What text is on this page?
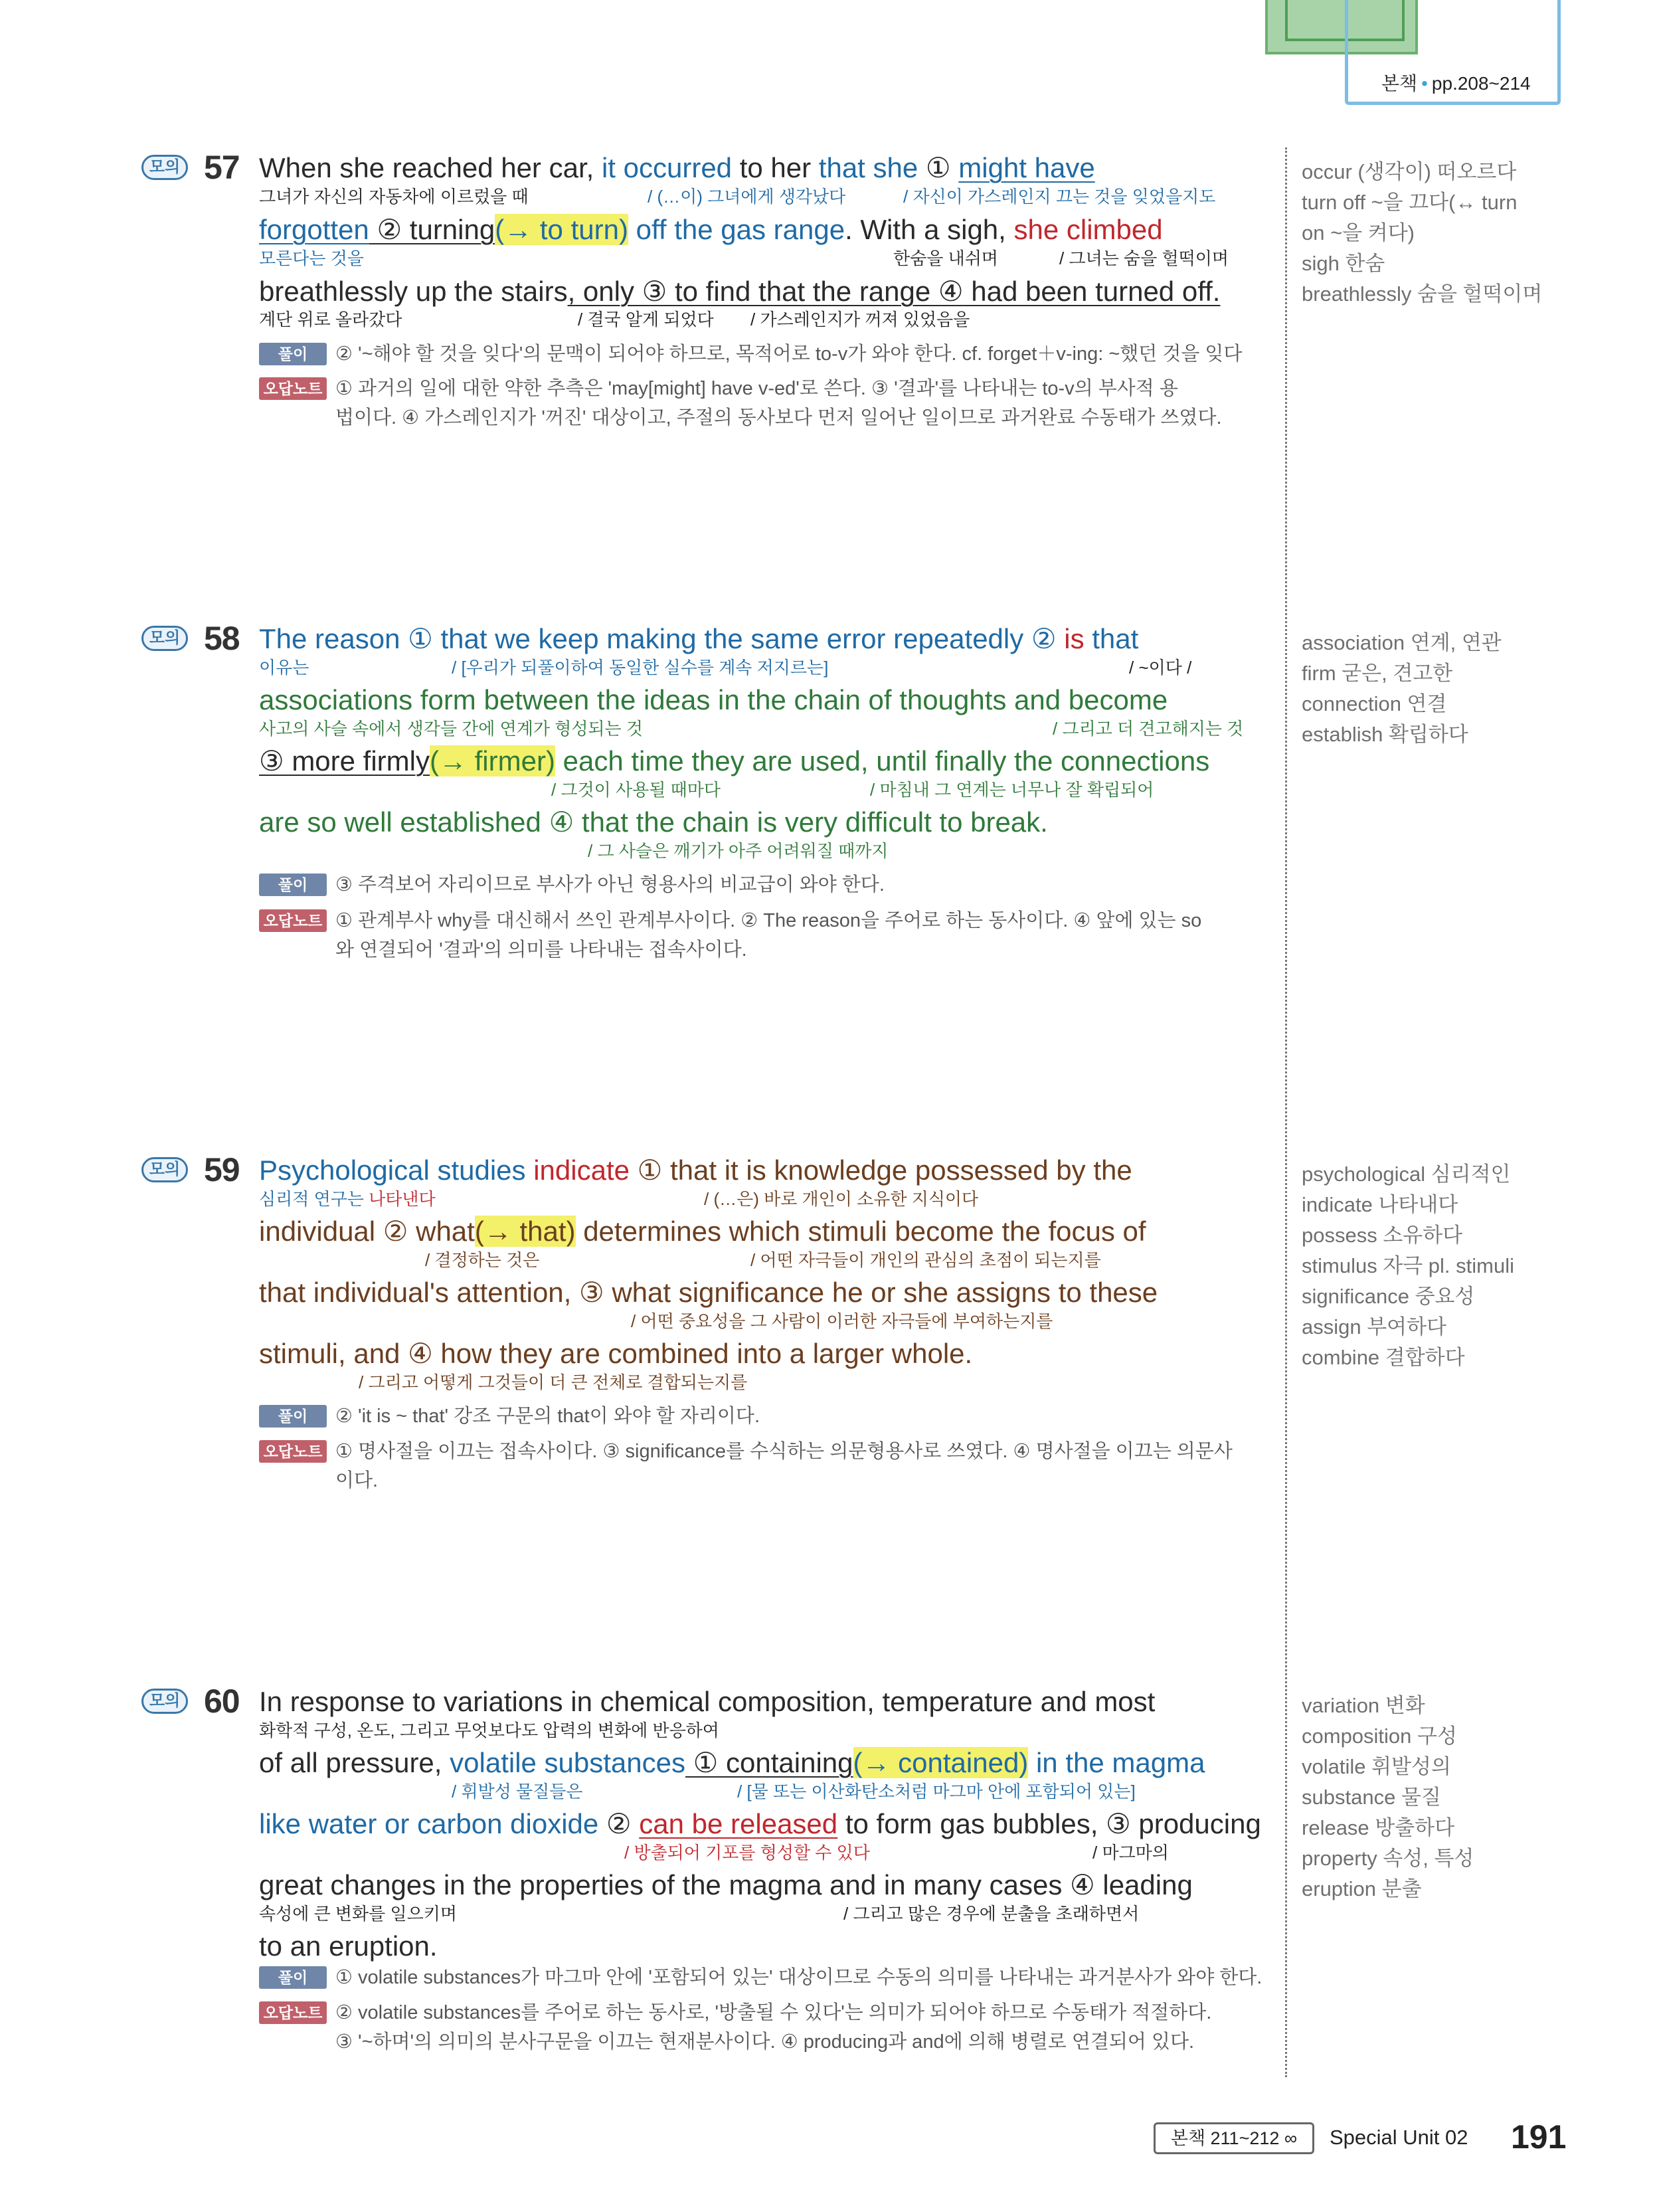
본책 • pp.208~214
모의 57 When she reached her car, it occurred to her that she ① might have
그녀가 자신의 자동차에 이르렀을 때	/ (…이) 그녀에게 생각났다	/ 자신이 가스레인지 끄는 것을 잊었을지도
forgotten ② turning(→ to turn) off the gas range. With a sigh, she climbed
모른다는 것을	한숨을 내쉬며	/ 그녀는 숨을 헐떡이며
breathlessly up the stairs, only ③ to find that the range ④ had been turned off.
계단 위로 올라갔다	/ 결국 알게 되었다 / 가스레인지가 꺼져 있었음을
풀이	② '~해야 할 것을 잊다'의 문맥이 되어야 하므로, 목적어로 to-v가 와야 한다. cf. forget＋v-ing: ~했던 것을 잊다
오답노트 ① 과거의 일에 대한 약한 추측은 'may[might] have v-ed'로 쓴다. ③ '결과'를 나타내는 to-v의 부사적 용
법이다. ④ 가스레인지가 '꺼진' 대상이고, 주절의 동사보다 먼저 일어난 일이므로 과거완료 수동태가 쓰였다.
occur (생각이) 떠오르다
turn off ~을 끄다(↔ turn
on ~을 켜다)
sigh 한숨
breathlessly 숨을 헐떡이며
모의 58 The reason ① that we keep making the same error repeatedly ② is that
이유는	/ [우리가 되풀이하여 동일한 실수를 계속 저지르는]	/ ~이다 /
associations form between the ideas in the chain of thoughts and become
사고의 사슬 속에서 생각들 간에 연계가 형성되는 것	/ 그리고 더 견고해지는 것
③ more firmly(→ firmer) each time they are used, until finally the connections
/ 그것이 사용될 때마다	/ 마침내 그 연계는 너무나 잘 확립되어
are so well established ④ that the chain is very difficult to break.
/ 그 사슬은 깨기가 아주 어려워질 때까지
풀이	③ 주격보어 자리이므로 부사가 아닌 형용사의 비교급이 와야 한다.
오답노트 ① 관계부사 why를 대신해서 쓰인 관계부사이다. ② The reason을 주어로 하는 동사이다. ④ 앞에 있는 so
와 연결되어 '결과'의 의미를 나타내는 접속사이다.
association 연계, 연관
firm 굳은, 견고한
connection 연결
establish 확립하다
모의 59 Psychological studies indicate ① that it is knowledge possessed by the
심리적 연구는 나타낸다	/ (…은) 바로 개인이 소유한 지식이다
individual ② what(→ that) determines which stimuli become the focus of
/ 결정하는 것은	/ 어떤 자극들이 개인의 관심의 초점이 되는지를
that individual's attention, ③ what significance he or she assigns to these
/ 어떤 중요성을 그 사람이 이러한 자극들에 부여하는지를
stimuli, and ④ how they are combined into a larger whole.
/ 그리고 어떻게 그것들이 더 큰 전체로 결합되는지를
풀이	② 'it is ~ that' 강조 구문의 that이 와야 할 자리이다.
오답노트 ① 명사절을 이끄는 접속사이다. ③ significance를 수식하는 의문형용사로 쓰였다. ④ 명사절을 이끄는 의문사
이다.
psychological 심리적인
indicate 나타내다
possess 소유하다
stimulus 자극 pl. stimuli
significance 중요성
assign 부여하다
combine 결합하다
모의 60 In response to variations in chemical composition, temperature and most
화학적 구성, 온도, 그리고 무엇보다도 압력의 변화에 반응하여
of all pressure, volatile substances ① containing(→ contained) in the magma
/ 휘발성 물질들은	/ [물 또는 이산화탄소처럼 마그마 안에 포함되어 있는]
like water or carbon dioxide ② can be released to form gas bubbles, ③ producing
/ 방출되어 기포를 형성할 수 있다	/ 마그마의
great changes in the properties of the magma and in many cases ④ leading
속성에 큰 변화를 일으키며	/ 그리고 많은 경우에 분출을 초래하면서
to an eruption.
풀이	① volatile substances가 마그마 안에 '포함되어 있는' 대상이므로 수동의 의미를 나타내는 과거분사가 와야 한다.
오답노트 ② volatile substances를 주어로 하는 동사로, '방출될 수 있다'는 의미가 되어야 하므로 수동태가 적절하다.
③ '~하며'의 의미의 분사구문을 이끄는 현재분사이다. ④ producing과 and에 의해 병렬로 연결되어 있다.
variation 변화
composition 구성
volatile 휘발성의
substance 물질
release 방출하다
property 속성, 특성
eruption 분출
본책 211~212 ∞	Special Unit 02 191
